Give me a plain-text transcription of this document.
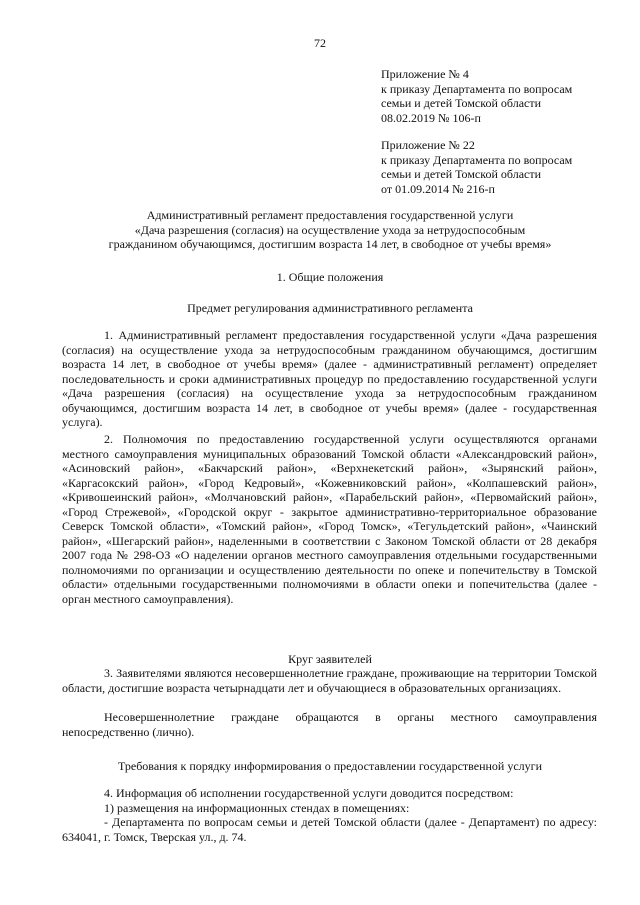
72
Приложение № 4
к приказу Департамента по вопросам
семьи и детей Томской области
08.02.2019 № 106-п
Приложение № 22
к приказу Департамента по вопросам
семьи и детей Томской области
от 01.09.2014 № 216-п
Административный регламент предоставления государственной услуги
«Дача разрешения (согласия) на осуществление ухода за нетрудоспособным
гражданином обучающимся, достигшим возраста 14 лет, в свободное от учебы время»
1. Общие положения
Предмет регулирования административного регламента
1. Административный регламент предоставления государственной услуги «Дача разрешения (согласия) на осуществление ухода за нетрудоспособным гражданином обучающимся, достигшим возраста 14 лет, в свободное от учебы время» (далее - административный регламент) определяет последовательность и сроки административных процедур по предоставлению государственной услуги «Дача разрешения (согласия) на осуществление ухода за нетрудоспособным гражданином обучающимся, достигшим возраста 14 лет, в свободное от учебы время» (далее - государственная услуга).
2. Полномочия по предоставлению государственной услуги осуществляются органами местного самоуправления муниципальных образований Томской области «Александровский район», «Асиновский район», «Бакчарский район», «Верхнекетский район», «Зырянский район», «Каргасокский район», «Город Кедровый», «Кожевниковский район», «Колпашевский район», «Кривошеинский район», «Молчановский район», «Парабельский район», «Первомайский район», «Город Стрежевой», «Городской округ - закрытое административно-территориальное образование Северск Томской области», «Томский район», «Город Томск», «Тегульдетский район», «Чаинский район», «Шегарский район», наделенными в соответствии с Законом Томской области от 28 декабря 2007 года № 298-ОЗ «О наделении органов местного самоуправления отдельными государственными полномочиями по организации и осуществлению деятельности по опеке и попечительству в Томской области» отдельными государственными полномочиями в области опеки и попечительства (далее - орган местного самоуправления).
Круг заявителей
3. Заявителями являются несовершеннолетние граждане, проживающие на территории Томской области, достигшие возраста четырнадцати лет и обучающиеся в образовательных организациях.
Несовершеннолетние граждане обращаются в органы местного самоуправления непосредственно (лично).
Требования к порядку информирования о предоставлении государственной услуги
4. Информация об исполнении государственной услуги доводится посредством:
1) размещения на информационных стендах в помещениях:
- Департамента по вопросам семьи и детей Томской области (далее - Департамент) по адресу: 634041, г. Томск, Тверская ул., д. 74.
